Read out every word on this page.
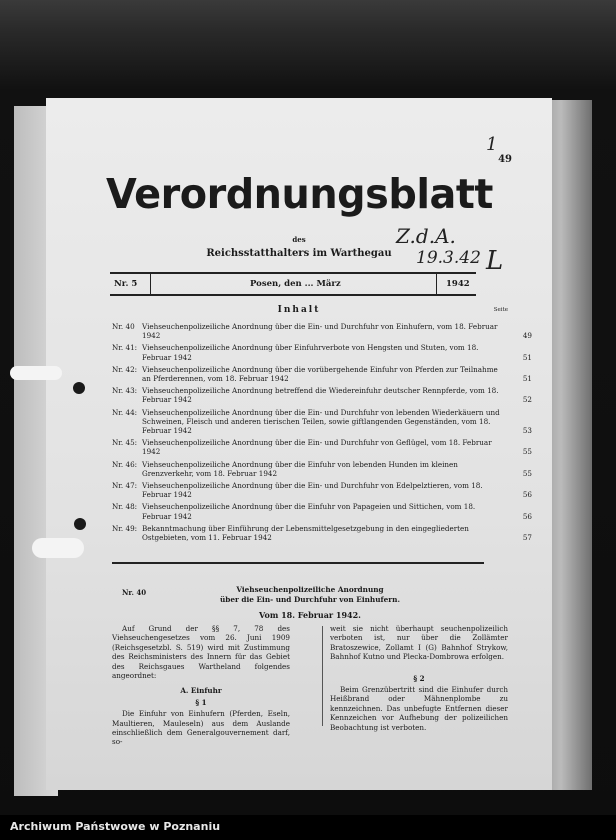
49
1
Z.d.A.
19.3.42 L
Verordnungsblatt
des
Reichsstatthalters im Warthegau
Nr. 5	Posen, den ... März	1942
Inhalt	Seite
Nr. 40	Viehseuchenpolizeiliche Anordnung über die Ein- und Durchfuhr von Einhufern, vom 18. Februar 1942	49
Nr. 41: Viehseuchenpolizeiliche Anordnung über Einfuhrverbote von Hengsten und Stuten, vom 18. Februar 1942	51
Nr. 42: Viehseuchenpolizeiliche Anordnung über die vorübergehende Einfuhr von Pferden zur Teilnahme an Pferderennen, vom 18. Februar 1942	51
Nr. 43: Viehseuchenpolizeiliche Anordnung betreffend die Wiedereinfuhr deutscher Rennpferde, vom 18. Februar 1942	52
Nr. 44: Viehseuchenpolizeiliche Anordnung über die Ein- und Durchfuhr von lebenden Wiederkäuern und Schweinen, Fleisch und anderen tierischen Teilen, sowie giftlangenden Gegenständen, vom 18. Februar 1942	53
Nr. 45: Viehseuchenpolizeiliche Anordnung über die Ein- und Durchfuhr von Geflügel, vom 18. Februar 1942	55
Nr. 46: Viehseuchenpolizeiliche Anordnung über die Einfuhr von lebenden Hunden im kleinen Grenzverkehr, vom 18. Februar 1942	55
Nr. 47: Viehseuchenpolizeiliche Anordnung über die Ein- und Durchfuhr von Edelpelztieren, vom 18. Februar 1942	56
Nr. 48: Viehseuchenpolizeiliche Anordnung über die Einfuhr von Papageien und Sittichen, vom 18. Februar 1942	56
Nr. 49: Bekanntmachung über Einführung der Lebensmittelgesetzgebung in den eingegliederten Ostgebieten, vom 11. Februar 1942	57
Nr. 40	Viehseuchenpolizeiliche Anordnung
über die Ein- und Durchfuhr von Einhufern.
Vom 18. Februar 1942.

Auf Grund der §§ 7, 78 des Viehseuchengesetzes vom 26. Juni 1909 (Reichsgesetzbl. S. 519) wird mit Zustimmung des Reichsministers des Innern für das Gebiet des Reichsgaues Wartheland folgendes angeordnet:

A. Einfuhr
§ 1

Die Einfuhr von Einhufern (Pferden, Eseln, Maultieren, Mauleseln) aus dem Auslande einschließlich dem Generalgouvernement darf, so-

weit sie nicht überhaupt seuchenpolizeilich verboten ist, nur über die Zollämter Bratoszewice, Zollamt I (G) Bahnhof Strykow, Bahnhof Kutno und Plecka-Dombrowa erfolgen.

§ 2

Beim Grenzübertritt sind die Einhufer durch Heißbrand oder Mähnenplombe zu kennzeichnen. Das unbefugte Entfernen dieser Kennzeichen vor Aufhebung der polizeilichen Beobachtung ist verboten.

Archiwum Państwowe w Poznaniu
